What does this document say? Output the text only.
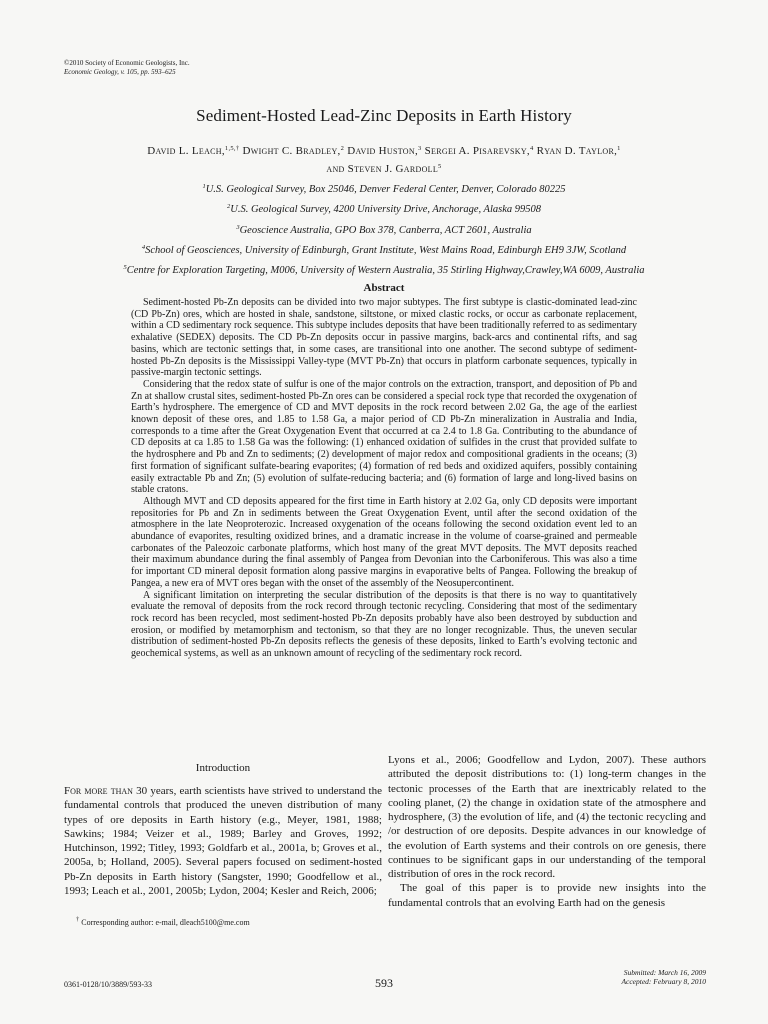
©2010 Society of Economic Geologists, Inc.
Economic Geology, v. 105, pp. 593–625
Sediment-Hosted Lead-Zinc Deposits in Earth History
David L. Leach,$^{1,5,\dagger}$ Dwight C. Bradley,$^2$ David Huston,$^3$ Sergei A. Pisarevsky,$^4$ Ryan D. Taylor,$^1$
and Steven J. Gardoll$^5$
$^1$U.S. Geological Survey, Box 25046, Denver Federal Center, Denver, Colorado 80225
$^2$U.S. Geological Survey, 4200 University Drive, Anchorage, Alaska 99508
$^3$Geoscience Australia, GPO Box 378, Canberra, ACT 2601, Australia
$^4$School of Geosciences, University of Edinburgh, Grant Institute, West Mains Road, Edinburgh EH9 3JW, Scotland
$^5$Centre for Exploration Targeting, M006, University of Western Australia, 35 Stirling Highway,Crawley,WA 6009, Australia
Abstract

Sediment-hosted Pb-Zn deposits can be divided into two major subtypes. The first subtype is clastic-dominated lead-zinc (CD Pb-Zn) ores, which are hosted in shale, sandstone, siltstone, or mixed clastic rocks, or occur as carbonate replacement, within a CD sedimentary rock sequence. This subtype includes deposits that have been traditionally referred to as sedimentary exhalative (SEDEX) deposits. The CD Pb-Zn deposits occur in passive margins, back-arcs and continental rifts, and sag basins, which are tectonic settings that, in some cases, are transitional into one another. The second subtype of sediment-hosted Pb-Zn deposits is the Mississippi Valley-type (MVT Pb-Zn) that occurs in platform carbonate sequences, typically in passive-margin tectonic settings.

Considering that the redox state of sulfur is one of the major controls on the extraction, transport, and deposition of Pb and Zn at shallow crustal sites, sediment-hosted Pb-Zn ores can be considered a special rock type that recorded the oxygenation of Earth’s hydrosphere. The emergence of CD and MVT deposits in the rock record between 2.02 Ga, the age of the earliest known deposit of these ores, and 1.85 to 1.58 Ga, a major period of CD Pb-Zn mineralization in Australia and India, corresponds to a time after the Great Oxygenation Event that occurred at ca 2.4 to 1.8 Ga. Contributing to the abundance of CD deposits at ca 1.85 to 1.58 Ga was the following: (1) enhanced oxidation of sulfides in the crust that provided sulfate to the hydrosphere and Pb and Zn to sediments; (2) development of major redox and compositional gradients in the oceans; (3) first formation of significant sulfate-bearing evaporites; (4) formation of red beds and oxidized aquifers, possibly containing easily extractable Pb and Zn; (5) evolution of sulfate-reducing bacteria; and (6) formation of large and long-lived basins on stable cratons.

Although MVT and CD deposits appeared for the first time in Earth history at 2.02 Ga, only CD deposits were important repositories for Pb and Zn in sediments between the Great Oxygenation Event, until after the second oxidation of the atmosphere in the late Neoproterozic. Increased oxygenation of the oceans following the second oxidation event led to an abundance of evaporites, resulting oxidized brines, and a dramatic increase in the volume of coarse-grained and permeable carbonates of the Paleozoic carbonate platforms, which host many of the great MVT deposits. The MVT deposits reached their maximum abundance during the final assembly of Pangea from Devonian into the Carboniferous. This was also a time for important CD mineral deposit formation along passive margins in evaporative belts of Pangea. Following the breakup of Pangea, a new era of MVT ores began with the onset of the assembly of the Neosupercontinent.

A significant limitation on interpreting the secular distribution of the deposits is that there is no way to quantitatively evaluate the removal of deposits from the rock record through tectonic recycling. Considering that most of the sedimentary rock record has been recycled, most sediment-hosted Pb-Zn deposits probably have also been destroyed by subduction and erosion, or modified by metamorphism and tectonism, so that they are no longer recognizable. Thus, the uneven secular distribution of sediment-hosted Pb-Zn deposits reflects the genesis of these deposits, linked to Earth’s evolving tectonic and geochemical systems, as well as an unknown amount of recycling of the sedimentary rock record.

Introduction

For more than 30 years, earth scientists have strived to understand the fundamental controls that produced the uneven distribution of many types of ore deposits in Earth history (e.g., Meyer, 1981, 1988; Sawkins; 1984; Veizer et al., 1989; Barley and Groves, 1992; Hutchinson, 1992; Titley, 1993; Goldfarb et al., 2001a, b; Groves et al., 2005a, b; Holland, 2005). Several papers focused on sediment-hosted Pb-Zn deposits in Earth history (Sangster, 1990; Goodfellow et al., 1993; Leach et al., 2001, 2005b; Lydon, 2004; Kesler and Reich, 2006;

† Corresponding author: e-mail, dleach5100@me.com

Lyons et al., 2006; Goodfellow and Lydon, 2007). These authors attributed the deposit distributions to: (1) long-term changes in the tectonic processes of the Earth that are inextricably related to the cooling planet, (2) the change in oxidation state of the atmosphere and hydrosphere, (3) the evolution of life, and (4) the tectonic recycling and /or destruction of ore deposits. Despite advances in our knowledge of the evolution of Earth systems and their controls on ore genesis, there continues to be significant gaps in our understanding of the temporal distribution of ores in the rock record.

The goal of this paper is to provide new insights into the fundamental controls that an evolving Earth had on the genesis

0361-0128/10/3889/593-33	593
Submitted: March 16, 2009
Accepted: February 8, 2010
